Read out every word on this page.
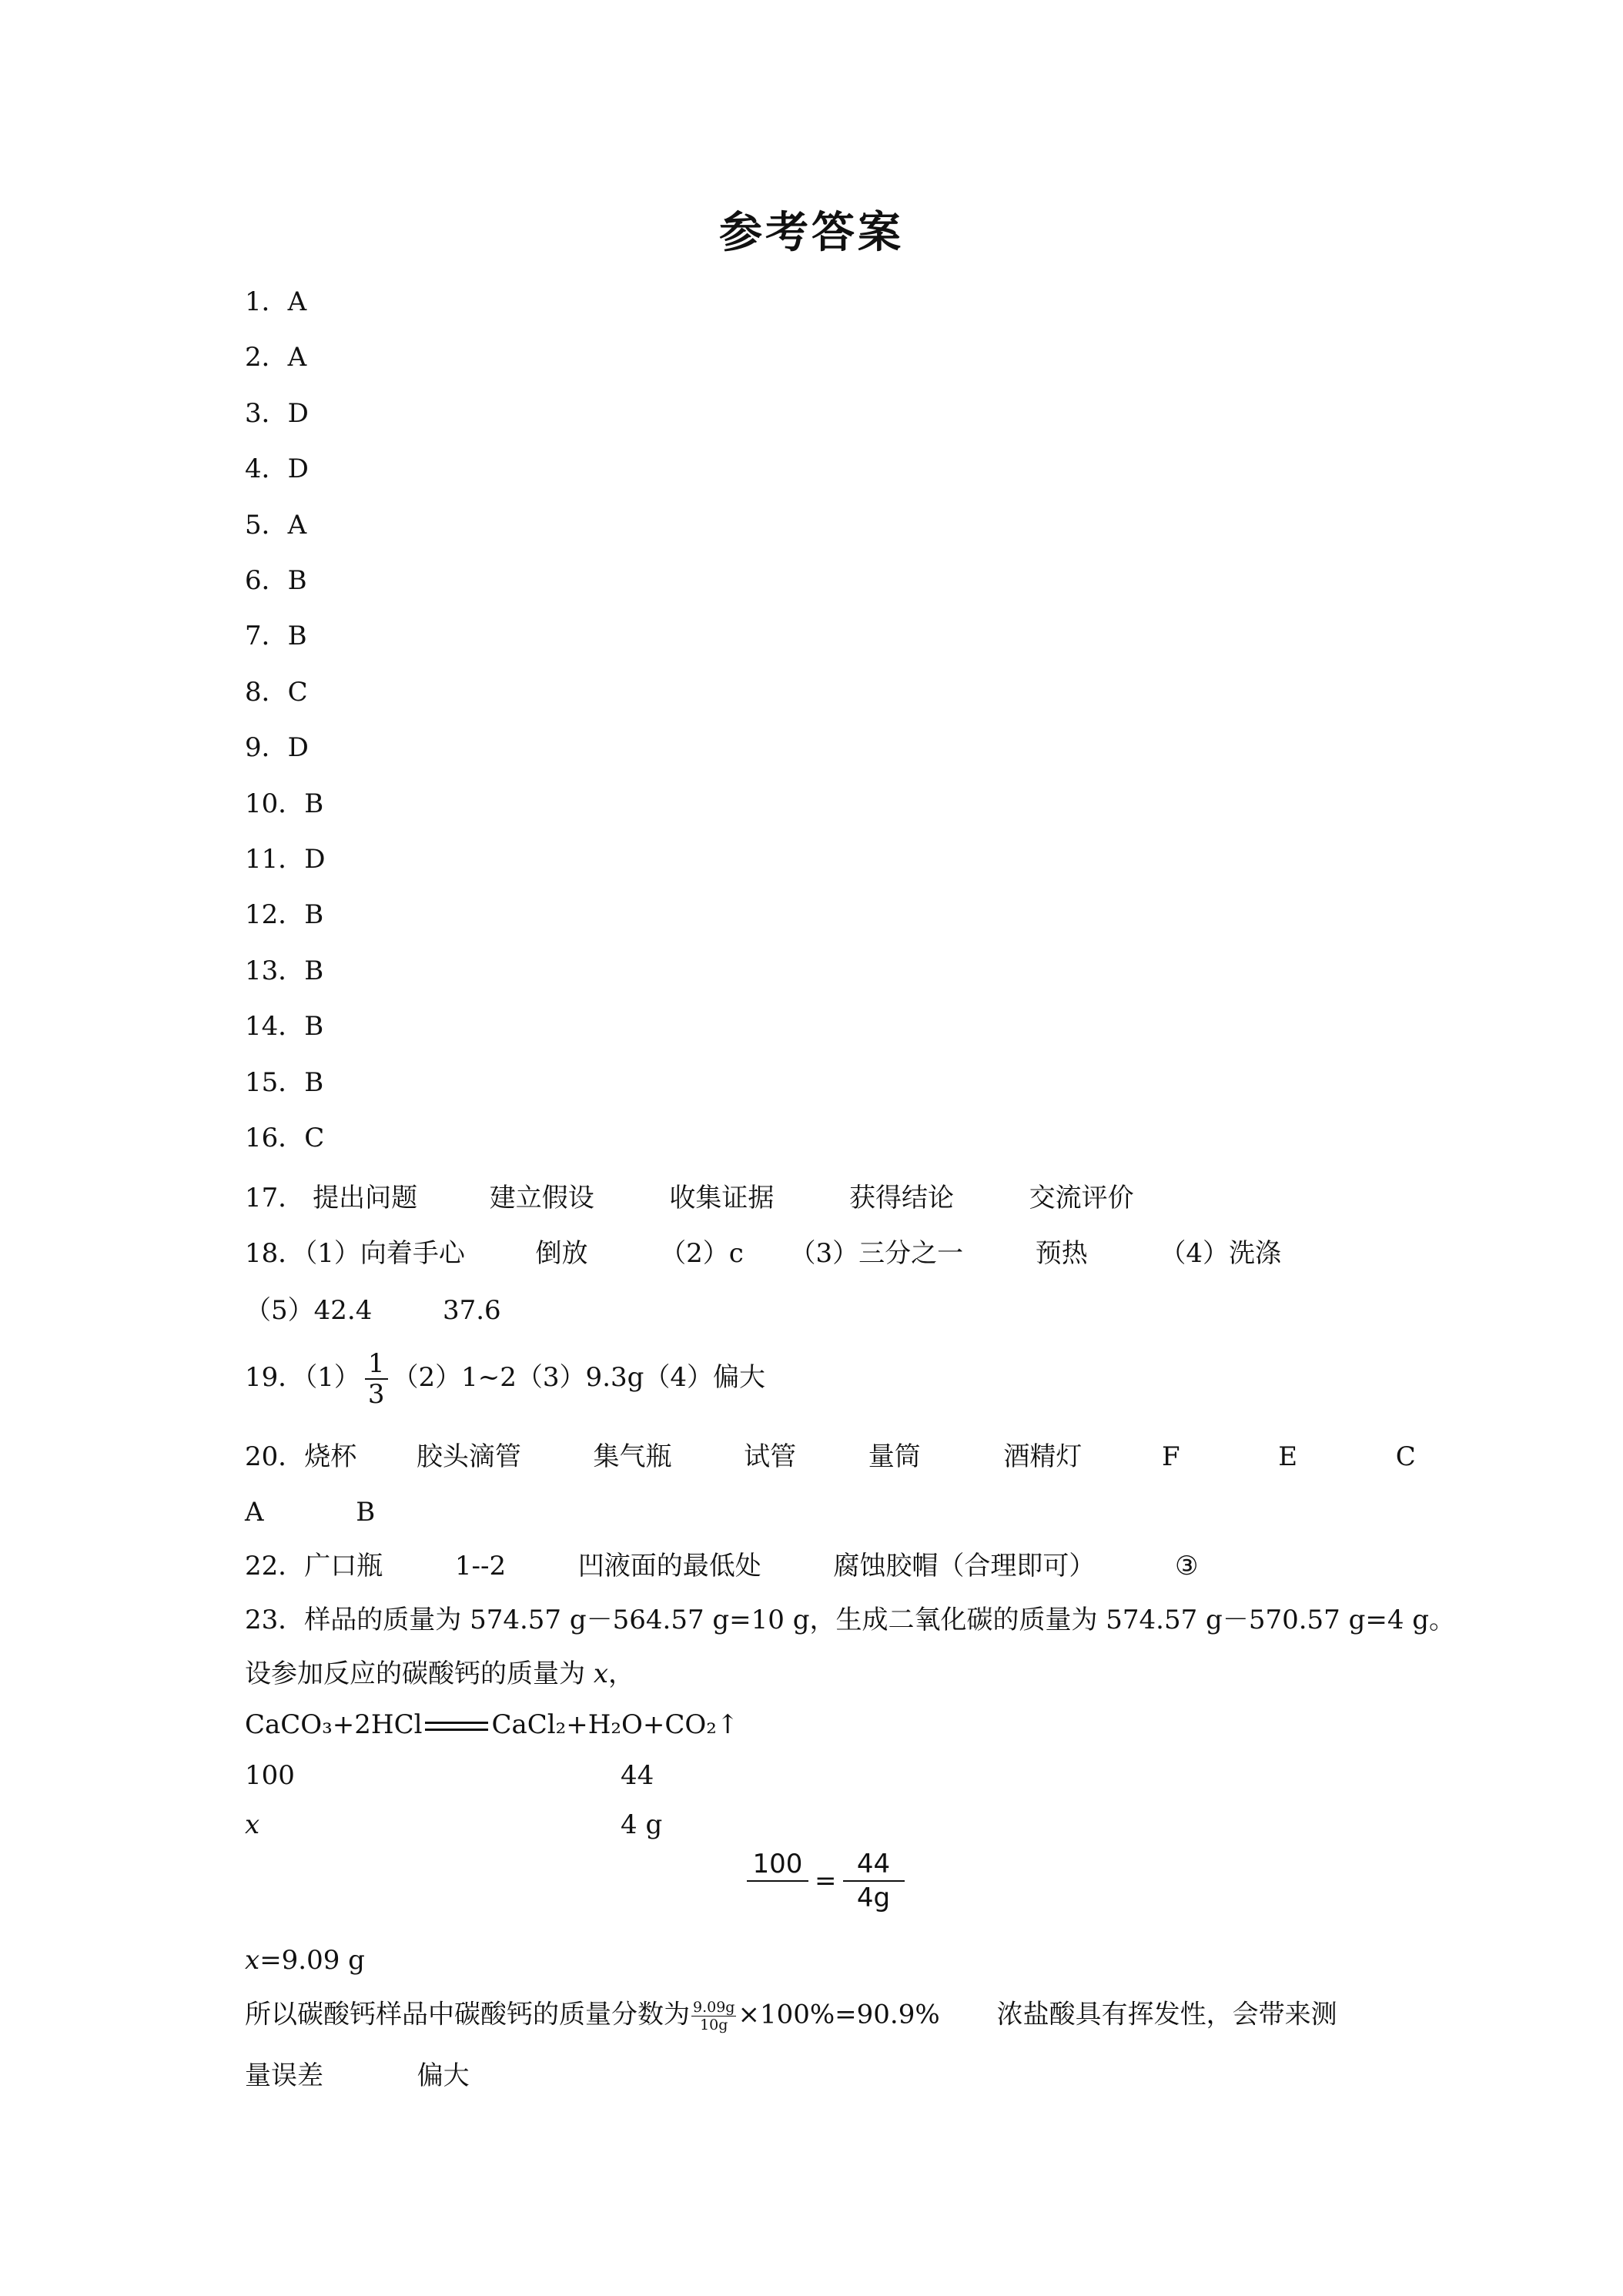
参考答案
1．A
2．A
3．D
4．D
5．A
6．B
7．B
8．C
9．D
10．B
11．D
12．B
13．B
14．B
15．B
16．C
17． 提出问题	建立假设	收集证据	获得结论	交流评价
18．（1）向着手心	倒放	（2）c （3）三分之一	预热	（4）洗涤
（5）42.4	37.6
19．$(1) \frac{1}{3}$ （2）1~2（3）9.3g（4）偏大
20．烧杯 胶头滴管	集气瓶	试管	量筒	酒精灯	F	E	C
A	B
22．广口瓶	1--2	凹液面的最低处	腐蚀胶帽（合理即可）	③
23．样品的质量为 574.57 g－564.57 g=10 g，生成二氧化碳的质量为 574.57 g－570.57 g=4 g。
设参加反应的碳酸钙的质量为 x，
CaCO₃+2HCl	CaCl₂+H₂O+CO₂↑
100	44
x	4 g
100
= $\frac{44}{4g}$
x=9.09 g
所以碳酸钙样品中碳酸钙的质量分数为 $\frac{9.09g}{10g} \times 100\%=90.9\%$ 浓盐酸具有挥发性，会带来测
量误差	偏大
